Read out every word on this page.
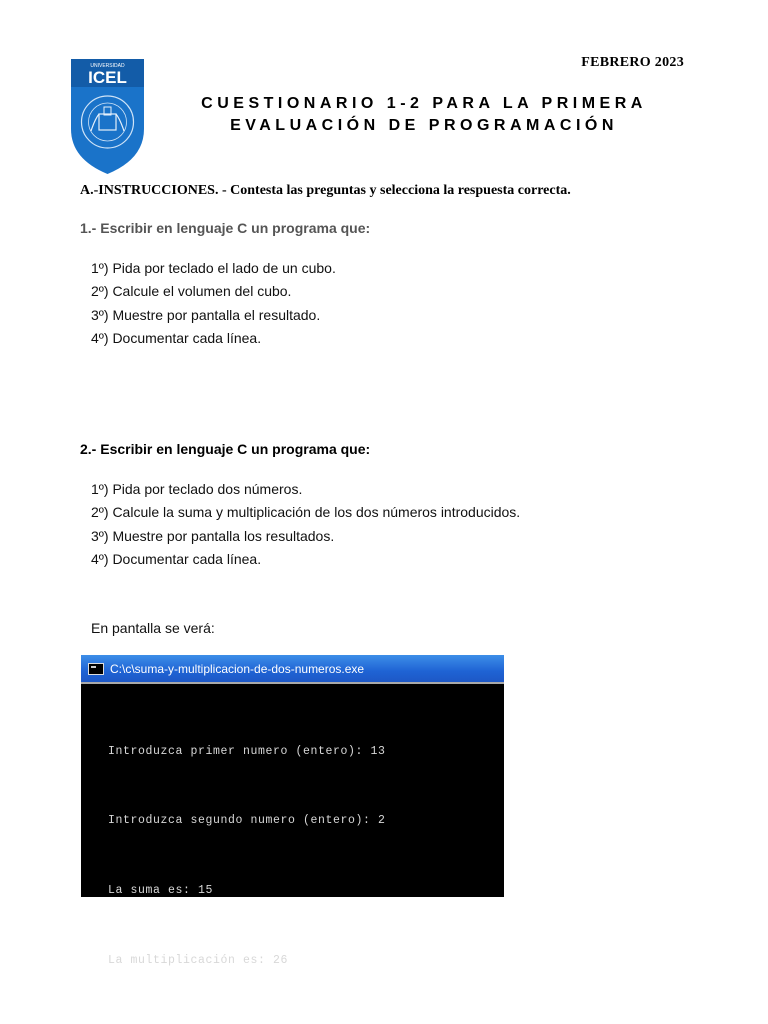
FEBRERO 2023
UNIVERSIDAD
ICEL
CUESTIONARIO 1-2 PARA LA PRIMERA
EVALUACIÓN DE PROGRAMACIÓN
A.-INSTRUCCIONES. - Contesta las preguntas y selecciona la respuesta correcta.
1.- Escribir en lenguaje C un programa que:
1º) Pida por teclado el lado de un cubo.
2º) Calcule el volumen del cubo.
3º) Muestre por pantalla el resultado.
4º) Documentar cada línea.
2.- Escribir en lenguaje C un programa que:
1º) Pida por teclado dos números.
2º) Calcule la suma y multiplicación de los dos números introducidos.
3º) Muestre por pantalla los resultados.
4º) Documentar cada línea.
En pantalla se verá:
C:\c\suma-y-multiplicacion-de-dos-numeros.exe

Introduzca primer numero (entero): 13

Introduzca segundo numero (entero): 2

La suma es: 15

La multiplicación es: 26
